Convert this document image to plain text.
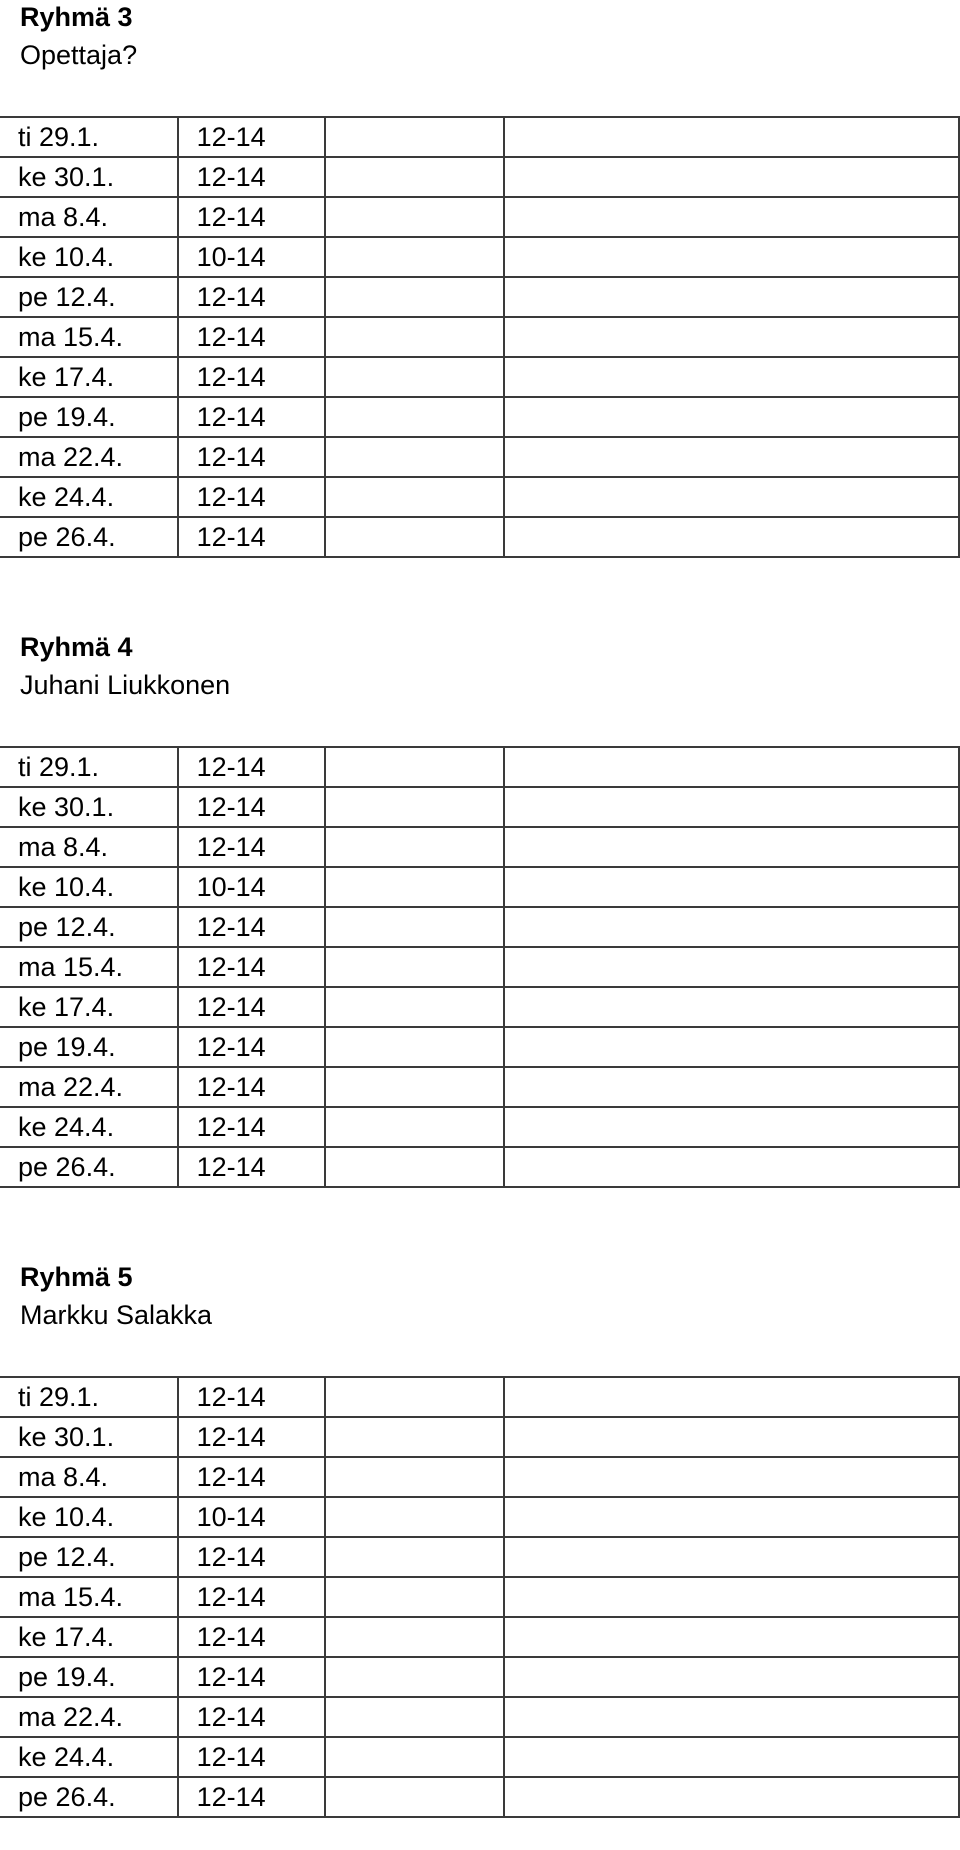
Ryhmä 3
Opettaja?
ti 29.1.	12-14		
ke 30.1.	12-14		
ma 8.4.	12-14		
ke 10.4.	10-14		
pe 12.4.	12-14		
ma 15.4.	12-14		
ke 17.4.	12-14		
pe 19.4.	12-14		
ma 22.4.	12-14		
ke 24.4.	12-14		
pe 26.4.	12-14		
Ryhmä 4
Juhani Liukkonen
ti 29.1.	12-14		
ke 30.1.	12-14		
ma 8.4.	12-14		
ke 10.4.	10-14		
pe 12.4.	12-14		
ma 15.4.	12-14		
ke 17.4.	12-14		
pe 19.4.	12-14		
ma 22.4.	12-14		
ke 24.4.	12-14		
pe 26.4.	12-14		
Ryhmä 5
Markku Salakka
ti 29.1.	12-14		
ke 30.1.	12-14		
ma 8.4.	12-14		
ke 10.4.	10-14		
pe 12.4.	12-14		
ma 15.4.	12-14		
ke 17.4.	12-14		
pe 19.4.	12-14		
ma 22.4.	12-14		
ke 24.4.	12-14		
pe 26.4.	12-14		
